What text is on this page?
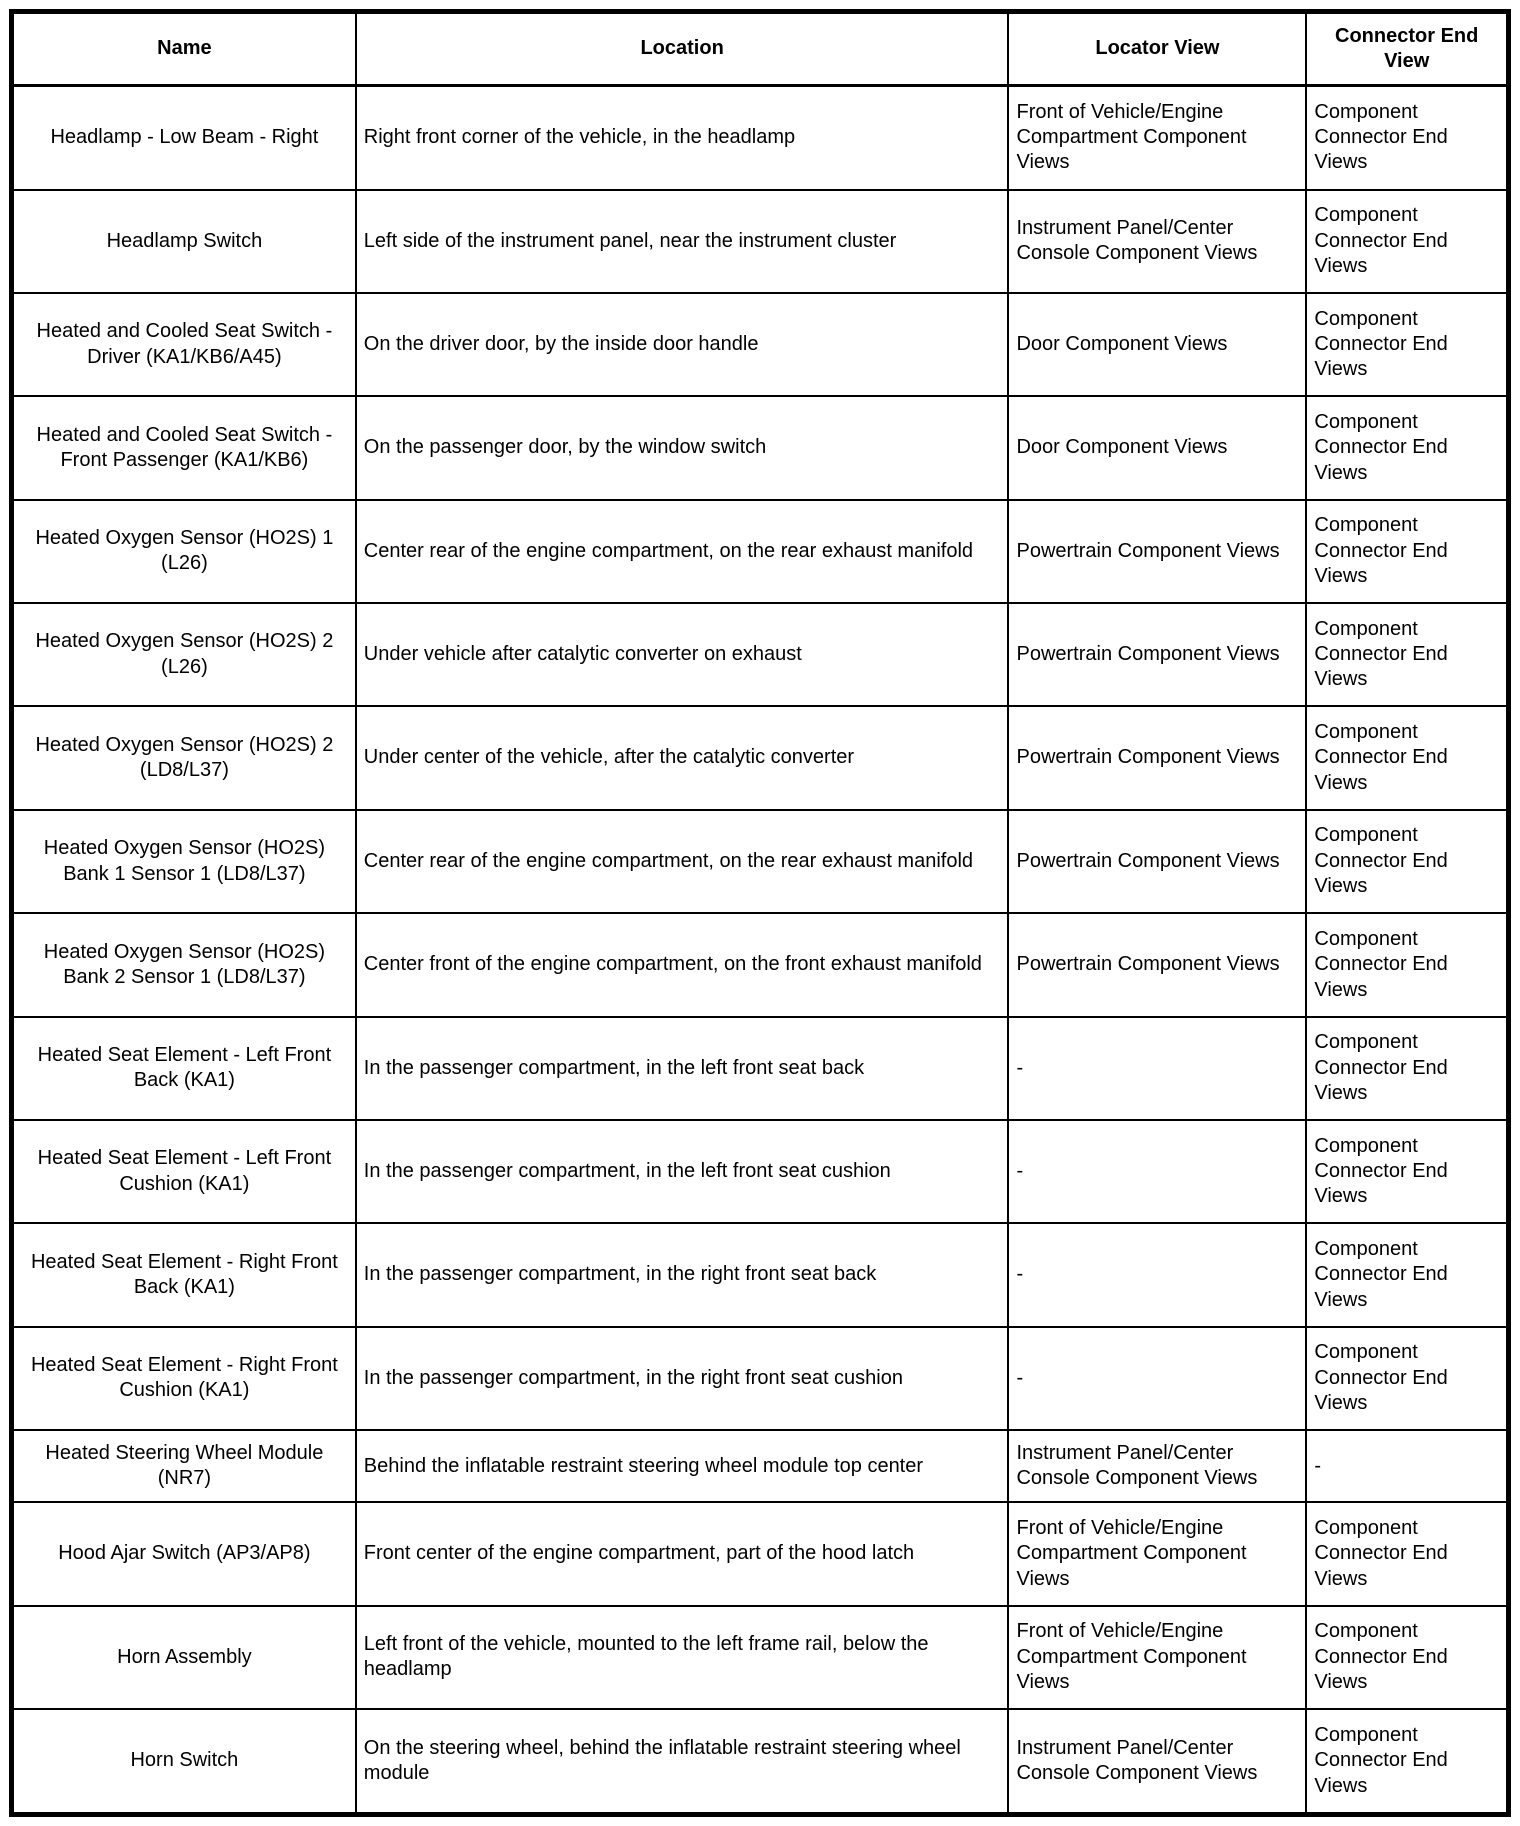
Name	Location	Locator View	Connector End View
Headlamp - Low Beam - Right	Right front corner of the vehicle, in the headlamp	Front of Vehicle/Engine Compartment Component Views	Component Connector End Views
Headlamp Switch	Left side of the instrument panel, near the instrument cluster	Instrument Panel/Center Console Component Views	Component Connector End Views
Heated and Cooled Seat Switch - Driver (KA1/KB6/A45)	On the driver door, by the inside door handle	Door Component Views	Component Connector End Views
Heated and Cooled Seat Switch - Front Passenger (KA1/KB6)	On the passenger door, by the window switch	Door Component Views	Component Connector End Views
Heated Oxygen Sensor (HO2S) 1 (L26)	Center rear of the engine compartment, on the rear exhaust manifold	Powertrain Component Views	Component Connector End Views
Heated Oxygen Sensor (HO2S) 2 (L26)	Under vehicle after catalytic converter on exhaust	Powertrain Component Views	Component Connector End Views
Heated Oxygen Sensor (HO2S) 2 (LD8/L37)	Under center of the vehicle, after the catalytic converter	Powertrain Component Views	Component Connector End Views
Heated Oxygen Sensor (HO2S) Bank 1 Sensor 1 (LD8/L37)	Center rear of the engine compartment, on the rear exhaust manifold	Powertrain Component Views	Component Connector End Views
Heated Oxygen Sensor (HO2S) Bank 2 Sensor 1 (LD8/L37)	Center front of the engine compartment, on the front exhaust manifold	Powertrain Component Views	Component Connector End Views
Heated Seat Element - Left Front Back (KA1)	In the passenger compartment, in the left front seat back	-	Component Connector End Views
Heated Seat Element - Left Front Cushion (KA1)	In the passenger compartment, in the left front seat cushion	-	Component Connector End Views
Heated Seat Element - Right Front Back (KA1)	In the passenger compartment, in the right front seat back	-	Component Connector End Views
Heated Seat Element - Right Front Cushion (KA1)	In the passenger compartment, in the right front seat cushion	-	Component Connector End Views
Heated Steering Wheel Module (NR7)	Behind the inflatable restraint steering wheel module top center	Instrument Panel/Center Console Component Views	-
Hood Ajar Switch (AP3/AP8)	Front center of the engine compartment, part of the hood latch	Front of Vehicle/Engine Compartment Component Views	Component Connector End Views
Horn Assembly	Left front of the vehicle, mounted to the left frame rail, below the headlamp	Front of Vehicle/Engine Compartment Component Views	Component Connector End Views
Horn Switch	On the steering wheel, behind the inflatable restraint steering wheel module	Instrument Panel/Center Console Component Views	Component Connector End Views
